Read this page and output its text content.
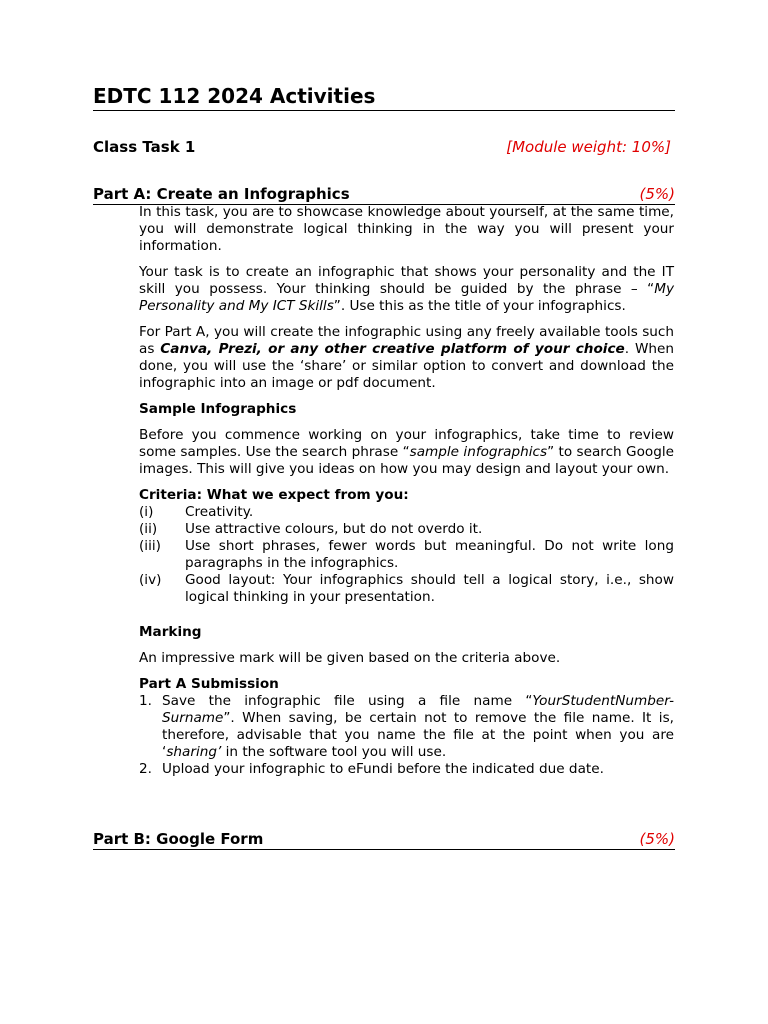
EDTC 112 2024 Activities
Class Task 1	[Module weight: 10%]
Part A: Create an Infographics	(5%)

In this task, you are to showcase knowledge about yourself, at the same time, you will demonstrate logical thinking in the way you will present your information.

Your task is to create an infographic that shows your personality and the IT skill you possess. Your thinking should be guided by the phrase – “My Personality and My ICT Skills”. Use this as the title of your infographics.

For Part A, you will create the infographic using any freely available tools such as Canva, Prezi, or any other creative platform of your choice. When done, you will use the ‘share’ or similar option to convert and download the infographic into an image or pdf document.

Sample Infographics

Before you commence working on your infographics, take time to review some samples. Use the search phrase “sample infographics” to search Google images. This will give you ideas on how you may design and layout your own.

Criteria: What we expect from you:

(i)	Creativity.
(ii)	Use attractive colours, but do not overdo it.
(iii)	Use short phrases, fewer words but meaningful. Do not write long paragraphs in the infographics.
(iv)	Good layout: Your infographics should tell a logical story, i.e., show logical thinking in your presentation.

Marking

An impressive mark will be given based on the criteria above.

Part A Submission

1. Save the infographic file using a file name “YourStudentNumber-Surname”. When saving, be certain not to remove the file name. It is, therefore, advisable that you name the file at the point when you are ‘sharing’ in the software tool you will use.
2. Upload your infographic to eFundi before the indicated due date.
Part B: Google Form	(5%)
